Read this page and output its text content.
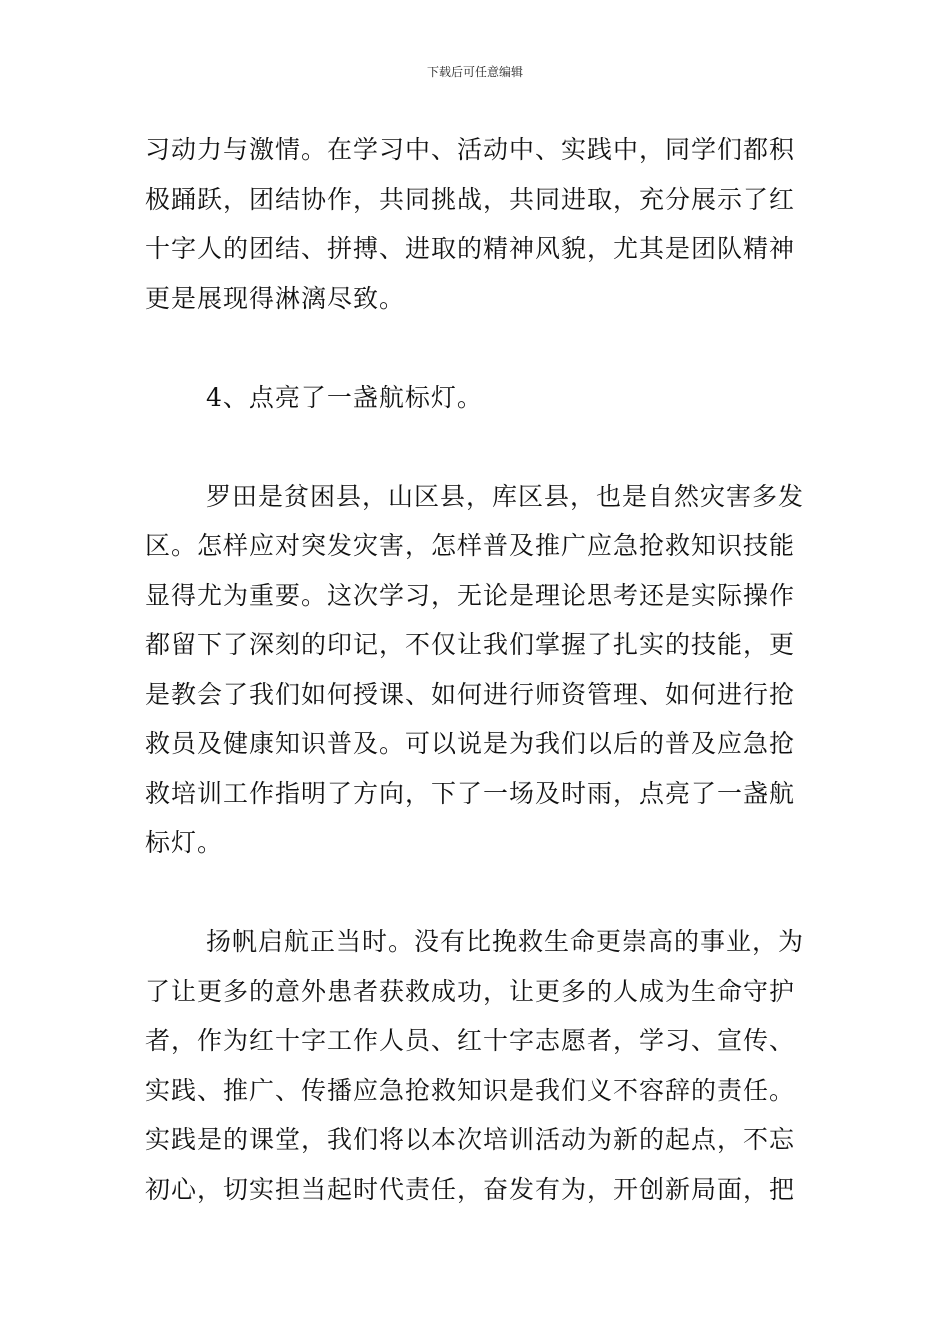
下载后可任意编辑

习动力与激情。在学习中、活动中、实践中，同学们都积极踊跃，团结协作，共同挑战，共同进取，充分展示了红十字人的团结、拼搏、进取的精神风貌，尤其是团队精神更是展现得淋漓尽致。

　　 4、点亮了一盏航标灯。

　　 罗田是贫困县，山区县，库区县，也是自然灾害多发区。怎样应对突发灾害，怎样普及推广应急抢救知识技能显得尤为重要。这次学习，无论是理论思考还是实际操作都留下了深刻的印记，不仅让我们掌握了扎实的技能，更是教会了我们如何授课、如何进行师资管理、如何进行抢救员及健康知识普及。可以说是为我们以后的普及应急抢救培训工作指明了方向，下了一场及时雨，点亮了一盏航标灯。

　　 扬帆启航正当时。没有比挽救生命更崇高的事业，为了让更多的意外患者获救成功，让更多的人成为生命守护者，作为红十字工作人员、红十字志愿者，学习、宣传、实践、推广、传播应急抢救知识是我们义不容辞的责任。实践是的课堂，我们将以本次培训活动为新的起点，不忘初心，切实担当起时代责任，奋发有为，开创新局面，把
